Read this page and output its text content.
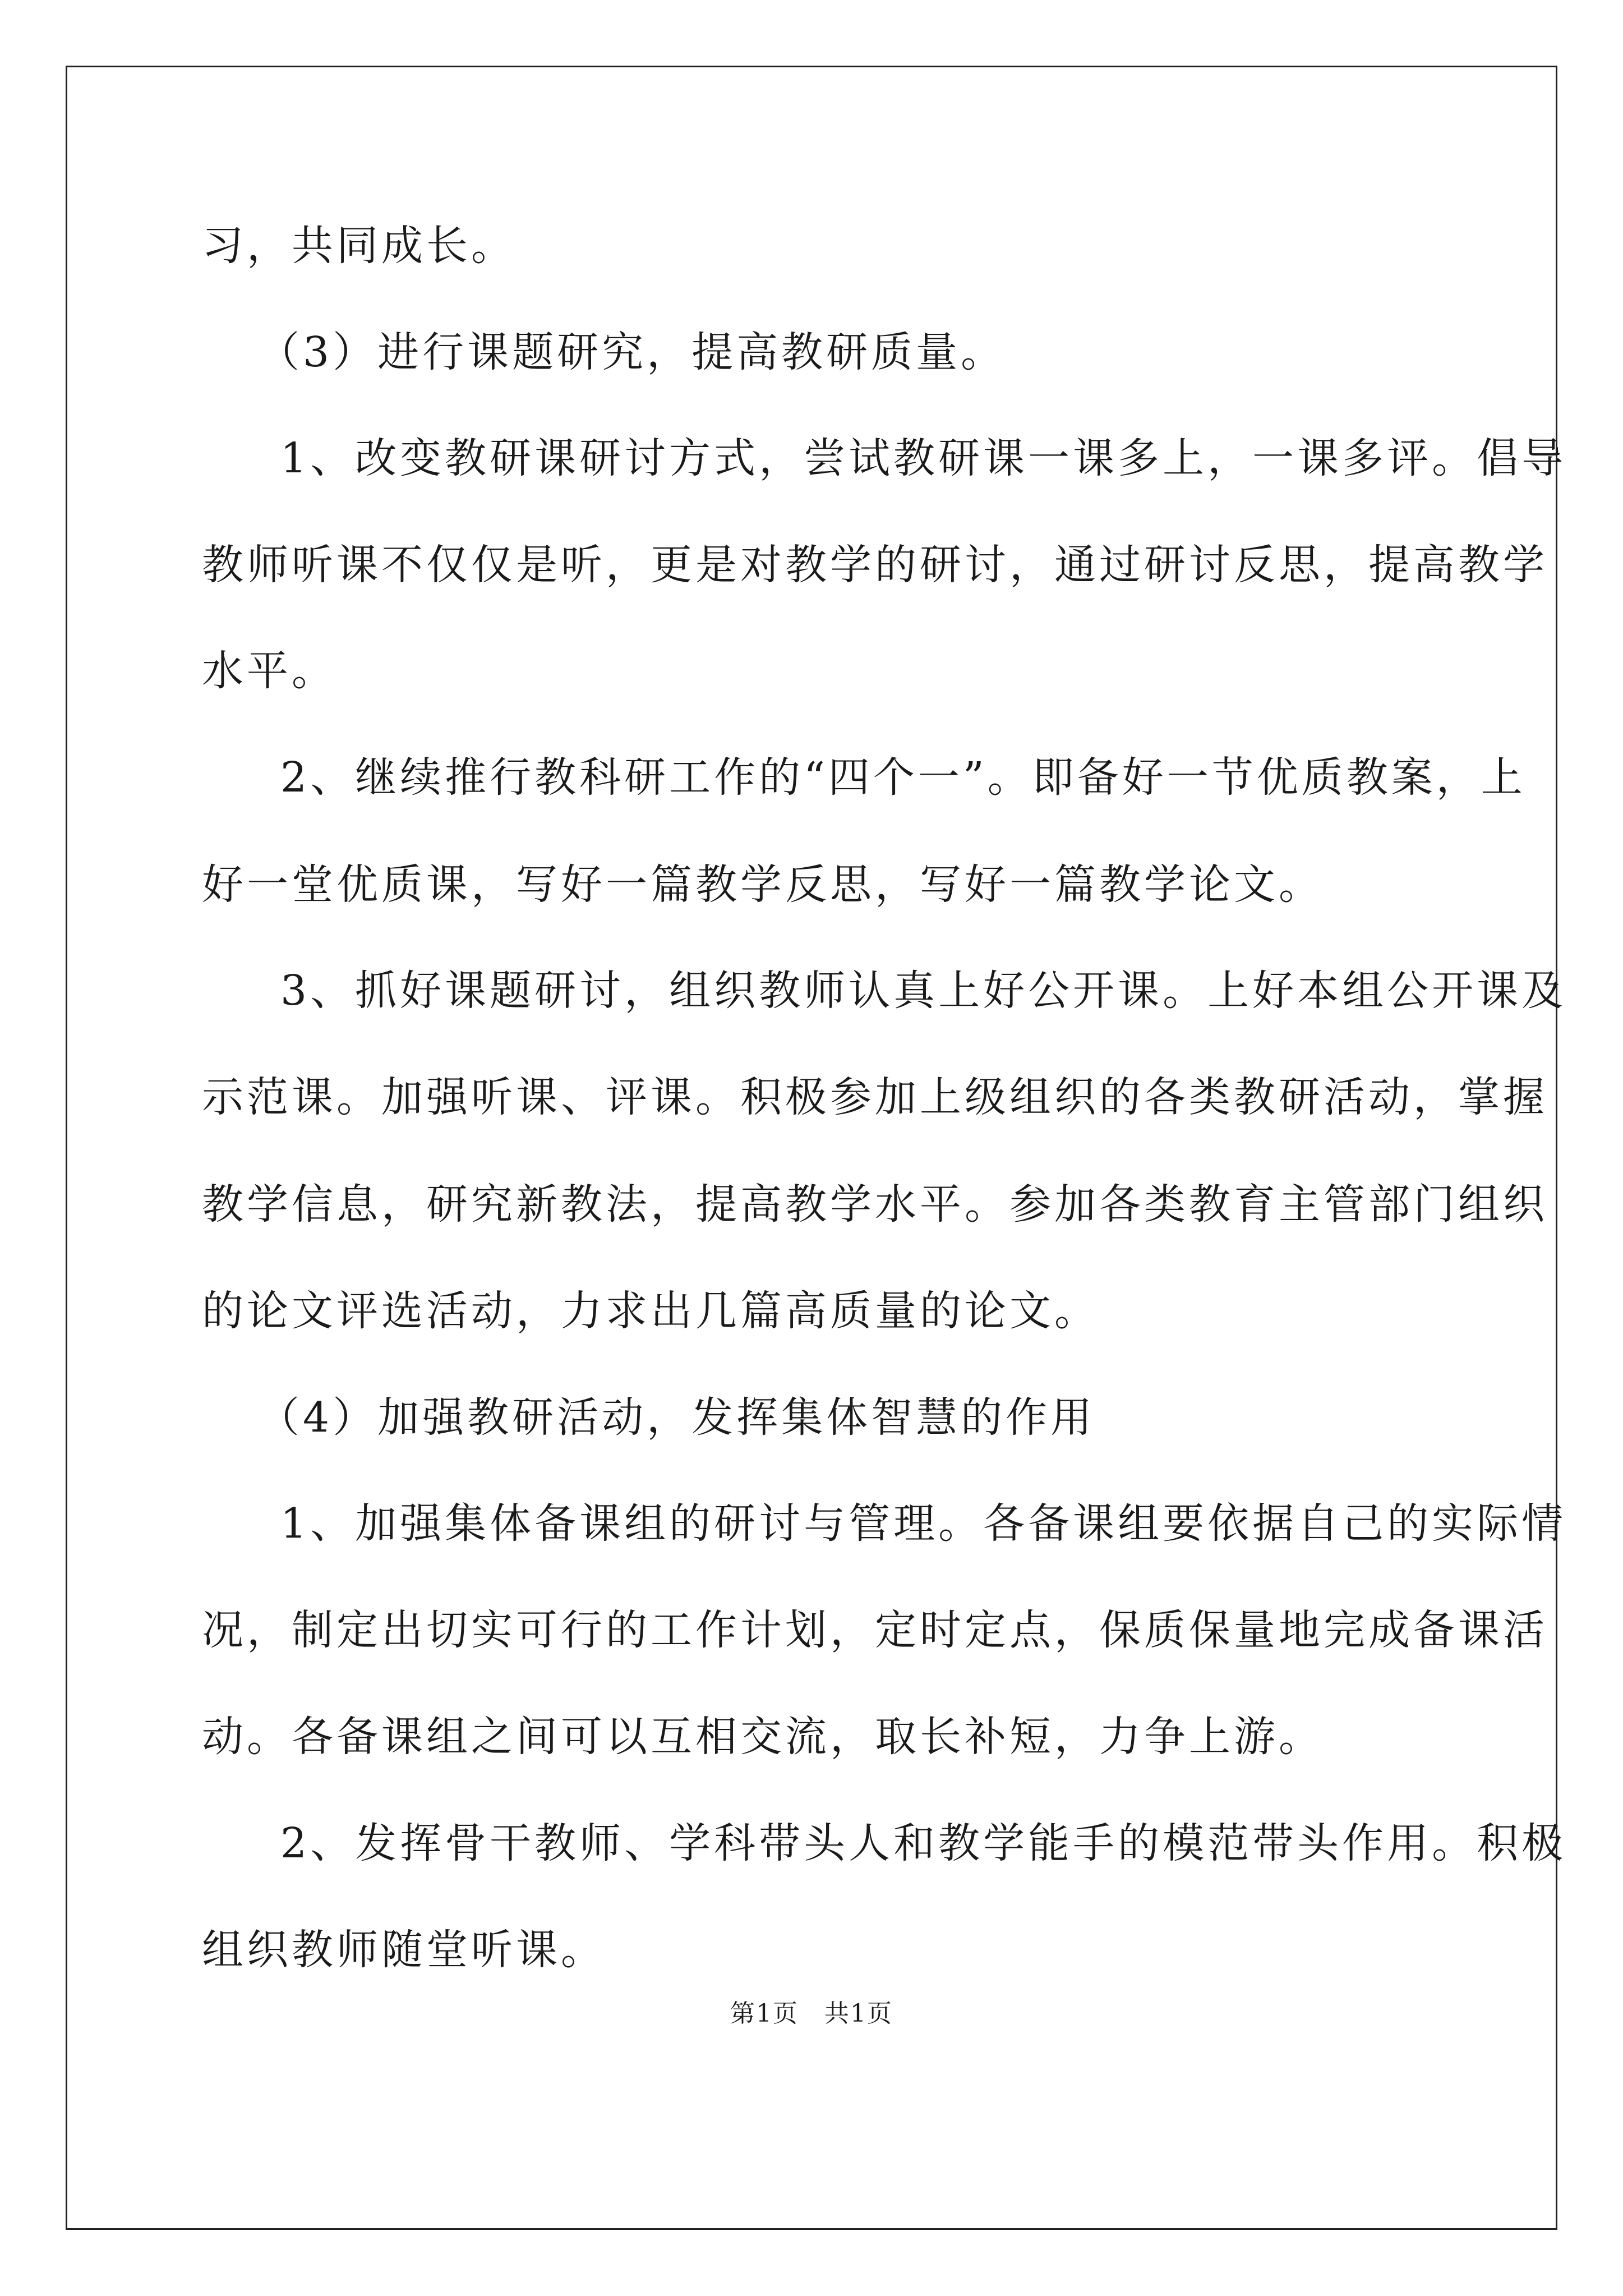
习，共同成长。
（3）进行课题研究，提高教研质量。
1、改变教研课研讨方式，尝试教研课一课多上，一课多评。倡导
教师听课不仅仅是听，更是对教学的研讨，通过研讨反思，提高教学
水平。
2、继续推行教科研工作的“四个一”。即备好一节优质教案，上
好一堂优质课，写好一篇教学反思，写好一篇教学论文。
3、抓好课题研讨，组织教师认真上好公开课。上好本组公开课及
示范课。加强听课、评课。积极参加上级组织的各类教研活动，掌握
教学信息，研究新教法，提高教学水平。参加各类教育主管部门组织
的论文评选活动，力求出几篇高质量的论文。
（4）加强教研活动，发挥集体智慧的作用
1、加强集体备课组的研讨与管理。各备课组要依据自己的实际情
况，制定出切实可行的工作计划，定时定点，保质保量地完成备课活
动。各备课组之间可以互相交流，取长补短，力争上游。
2、发挥骨干教师、学科带头人和教学能手的模范带头作用。积极
组织教师随堂听课。
第1页　共1页
